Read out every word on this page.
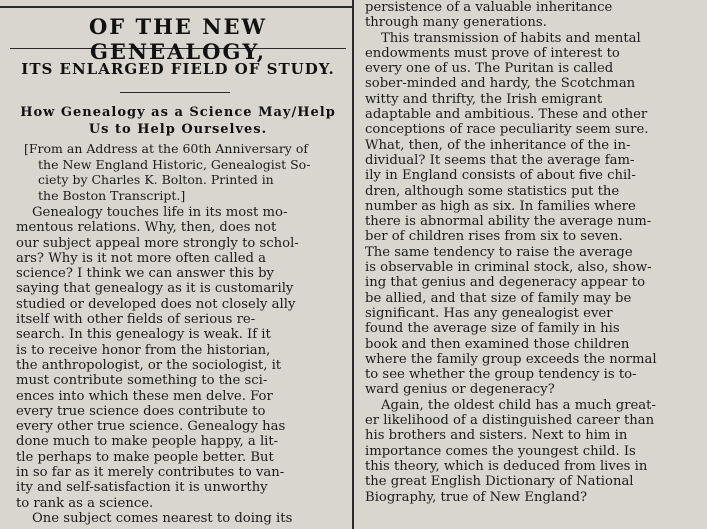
OF THE NEW GENEALOGY,
ITS ENLARGED FIELD OF STUDY.
How Genealogy as a Science May/Help
Us to Help Ourselves.
[From an Address at the 60th Anniversary of
the New England Historic, Genealogist So-
ciety by Charles K. Bolton. Printed in
the Boston Transcript.]
Genealogy touches life in its most mo-
mentous relations. Why, then, does not
our subject appeal more strongly to schol-
ars? Why is it not more often called a
science? I think we can answer this by
saying that genealogy as it is customarily
studied or developed does not closely ally
itself with other fields of serious re-
search. In this genealogy is weak. If it
is to receive honor from the historian,
the anthropologist, or the sociologist, it
must contribute something to the sci-
ences into which these men delve. For
every true science does contribute to
every other true science. Genealogy has
done much to make people happy, a lit-
tle perhaps to make people better. But
in so far as it merely contributes to van-
ity and self-satisfaction it is unworthy
to rank as a science.
One subject comes nearest to doing its
persistence of a valuable inheritance
through many generations.
This transmission of habits and mental
endowments must prove of interest to
every one of us. The Puritan is called
sober-minded and hardy, the Scotchman
witty and thrifty, the Irish emigrant
adaptable and ambitious. These and other
conceptions of race peculiarity seem sure.
What, then, of the inheritance of the in-
dividual? It seems that the average fam-
ily in England consists of about five chil-
dren, although some statistics put the
number as high as six. In families where
there is abnormal ability the average num-
ber of children rises from six to seven.
The same tendency to raise the average
is observable in criminal stock, also, show-
ing that genius and degeneracy appear to
be allied, and that size of family may be
significant. Has any genealogist ever
found the average size of family in his
book and then examined those children
where the family group exceeds the normal
to see whether the group tendency is to-
ward genius or degeneracy?
Again, the oldest child has a much great-
er likelihood of a distinguished career than
his brothers and sisters. Next to him in
importance comes the youngest child. Is
this theory, which is deduced from lives in
the great English Dictionary of National
Biography, true of New England?
